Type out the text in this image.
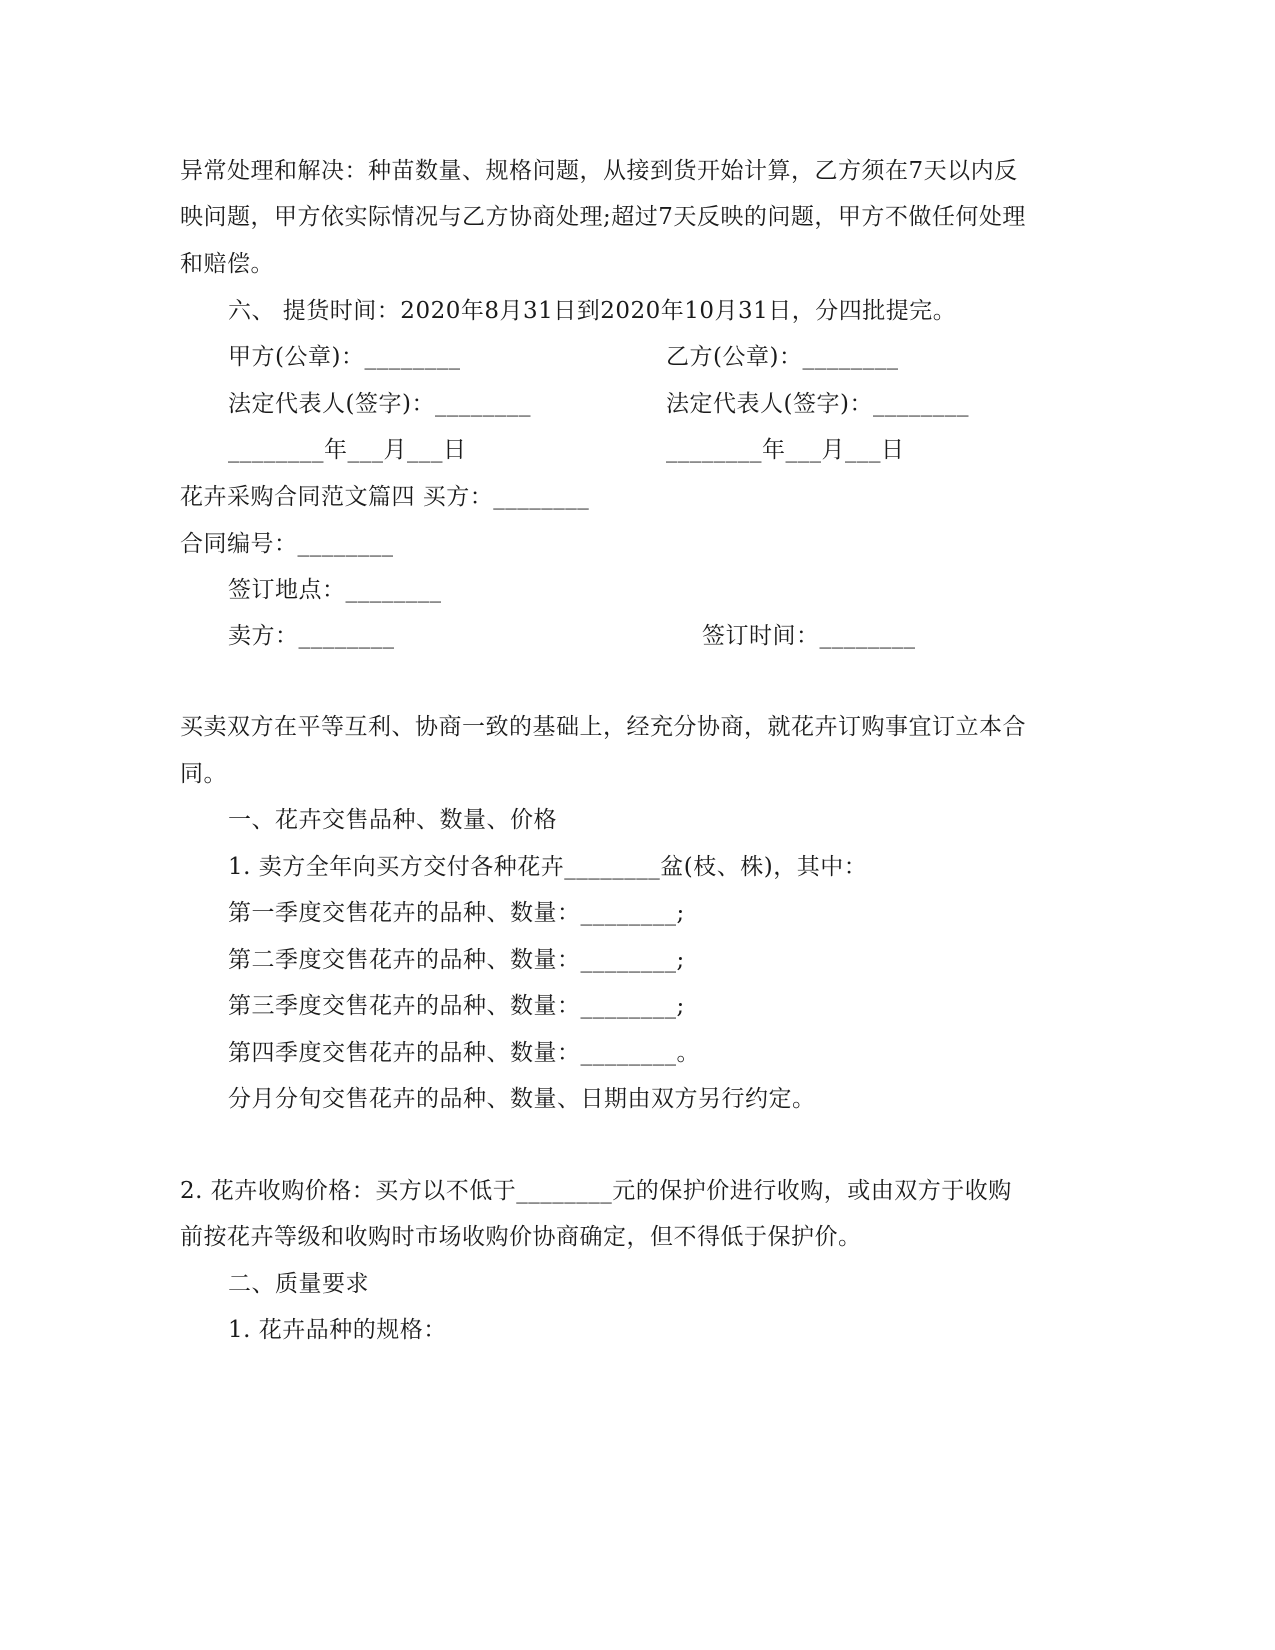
异常处理和解决：种苗数量、规格问题，从接到货开始计算，乙方须在7天以内反
映问题，甲方依实际情况与乙方协商处理;超过7天反映的问题，甲方不做任何处理
和赔偿。
六、 提货时间：2020年8月31日到2020年10月31日，分四批提完。
甲方(公章)：________	乙方(公章)：________
法定代表人(签字)：________	法定代表人(签字)：________
________年___月___日	________年___月___日
花卉采购合同范文篇四 买方：________
合同编号：________
签订地点：________
卖方：________	签订时间：________
买卖双方在平等互利、协商一致的基础上，经充分协商，就花卉订购事宜订立本合
同。
一、花卉交售品种、数量、价格
1. 卖方全年向买方交付各种花卉________盆(枝、株)，其中：
第一季度交售花卉的品种、数量：________;
第二季度交售花卉的品种、数量：________;
第三季度交售花卉的品种、数量：________;
第四季度交售花卉的品种、数量：________。
分月分旬交售花卉的品种、数量、日期由双方另行约定。
2. 花卉收购价格：买方以不低于________元的保护价进行收购，或由双方于收购
前按花卉等级和收购时市场收购价协商确定，但不得低于保护价。
二、质量要求
1. 花卉品种的规格：
